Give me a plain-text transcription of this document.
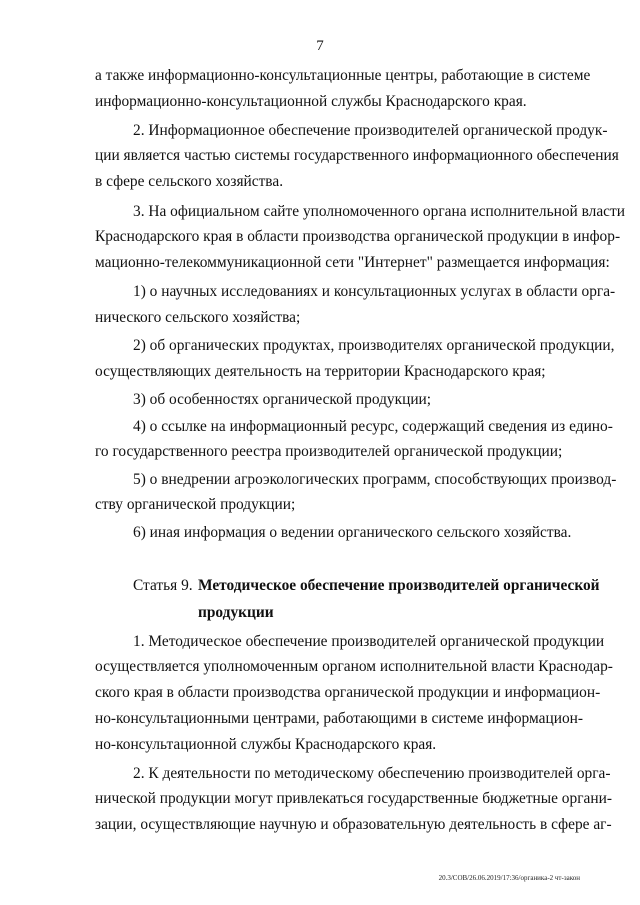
7
а также информационно-консультационные центры, работающие в системе
информационно-консультационной службы Краснодарского края.
2. Информационное обеспечение производителей органической продук-
ции является частью системы государственного информационного обеспечения
в сфере сельского хозяйства.
3. На официальном сайте уполномоченного органа исполнительной власти
Краснодарского края в области производства органической продукции в инфор-
мационно-телекоммуникационной сети "Интернет" размещается информация:
1) о научных исследованиях и консультационных услугах в области орга-
нического сельского хозяйства;
2) об органических продуктах, производителях органической продукции,
осуществляющих деятельность на территории Краснодарского края;
3) об особенностях органической продукции;
4) о ссылке на информационный ресурс, содержащий сведения из едино-
го государственного реестра производителей органической продукции;
5) о внедрении агроэкологических программ, способствующих производ-
ству органической продукции;
6) иная информация о ведении органического сельского хозяйства.
Статья 9. Методическое обеспечение производителей органической
продукции
1. Методическое обеспечение производителей органической продукции
осуществляется уполномоченным органом исполнительной власти Краснодар-
ского края в области производства органической продукции и информацион-
но-консультационными центрами, работающими в системе информацион-
но-консультационной службы Краснодарского края.
2. К деятельности по методическому обеспечению производителей орга-
нической продукции могут привлекаться государственные бюджетные органи-
зации, осуществляющие научную и образовательную деятельность в сфере аг-
20.3/СОВ/26.06.2019/17:36/органика-2 чт-закон
